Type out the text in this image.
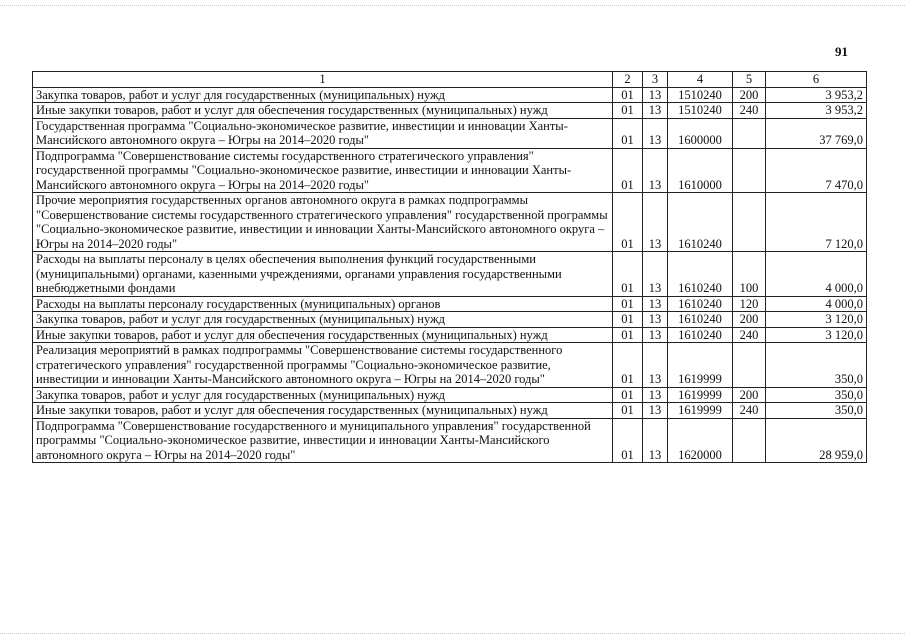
91
1	2	3	4	5	6
Закупка товаров, работ и услуг для государственных (муниципальных) нужд	01	13	1510240	200	3 953,2
Иные закупки товаров, работ и услуг для обеспечения государственных (муниципальных) нужд	01	13	1510240	240	3 953,2
Государственная программа "Социально-экономическое развитие, инвестиции и инновации Ханты-Мансийского автономного округа – Югры на 2014–2020 годы"	01	13	1600000		37 769,0
Подпрограмма "Совершенствование системы государственного стратегического управления" государственной программы "Социально-экономическое развитие, инвестиции и инновации Ханты-Мансийского автономного округа – Югры на 2014–2020 годы"	01	13	1610000		7 470,0
Прочие мероприятия государственных органов автономного округа в рамках подпрограммы "Совершенствование системы государственного стратегического управления" государственной программы "Социально-экономическое развитие, инвестиции и инновации Ханты-Мансийского автономного округа – Югры на 2014–2020 годы"	01	13	1610240		7 120,0
Расходы на выплаты персоналу в целях обеспечения выполнения функций государственными (муниципальными) органами, казенными учреждениями, органами управления государственными внебюджетными фондами	01	13	1610240	100	4 000,0
Расходы на выплаты персоналу государственных (муниципальных) органов	01	13	1610240	120	4 000,0
Закупка товаров, работ и услуг для государственных (муниципальных) нужд	01	13	1610240	200	3 120,0
Иные закупки товаров, работ и услуг для обеспечения государственных (муниципальных) нужд	01	13	1610240	240	3 120,0
Реализация мероприятий в рамках подпрограммы "Совершенствование системы государственного стратегического управления" государственной программы "Социально-экономическое развитие, инвестиции и инновации Ханты-Мансийского автономного округа – Югры на 2014–2020 годы"	01	13	1619999		350,0
Закупка товаров, работ и услуг для государственных (муниципальных) нужд	01	13	1619999	200	350,0
Иные закупки товаров, работ и услуг для обеспечения государственных (муниципальных) нужд	01	13	1619999	240	350,0
Подпрограмма "Совершенствование государственного и муниципального управления" государственной программы "Социально-экономическое развитие, инвестиции и инновации Ханты-Мансийского автономного округа – Югры на 2014–2020 годы"	01	13	1620000		28 959,0
